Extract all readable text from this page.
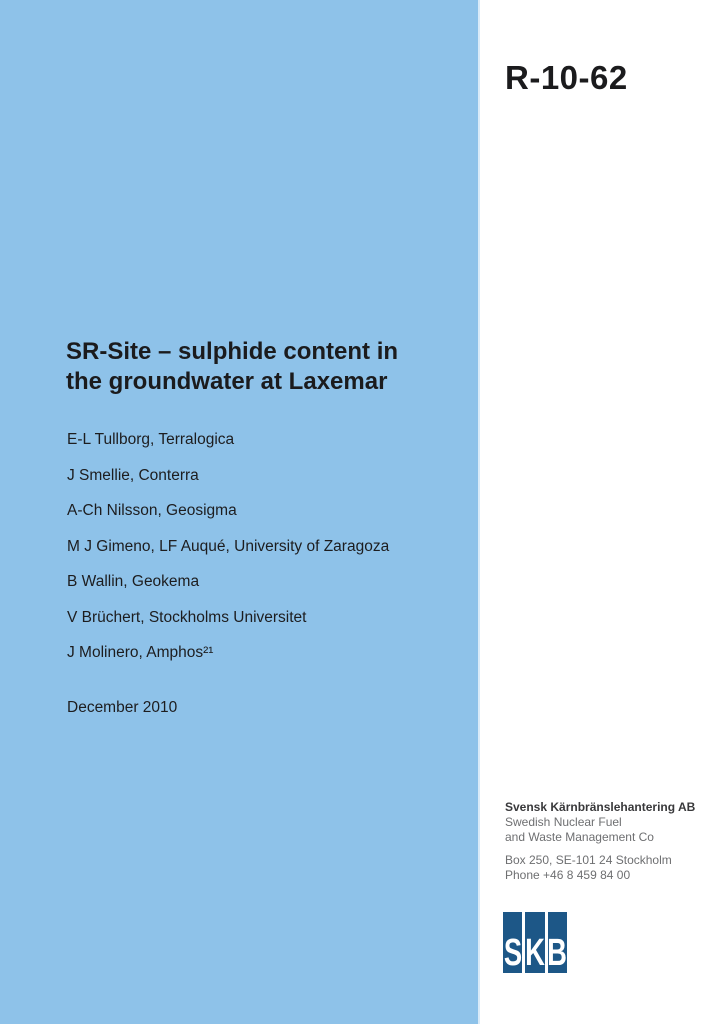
R-10-62
SR-Site – sulphide content in
the groundwater at Laxemar
E-L Tullborg, Terralogica
J Smellie, Conterra
A-Ch Nilsson, Geosigma
M J Gimeno, LF Auqué, University of Zaragoza
B Wallin, Geokema
V Brüchert, Stockholms Universitet
J Molinero, Amphos²¹
December 2010
Svensk Kärnbränslehantering AB
Swedish Nuclear Fuel
and Waste Management Co
Box 250, SE-101 24 Stockholm
Phone +46 8 459 84 00
S K B
